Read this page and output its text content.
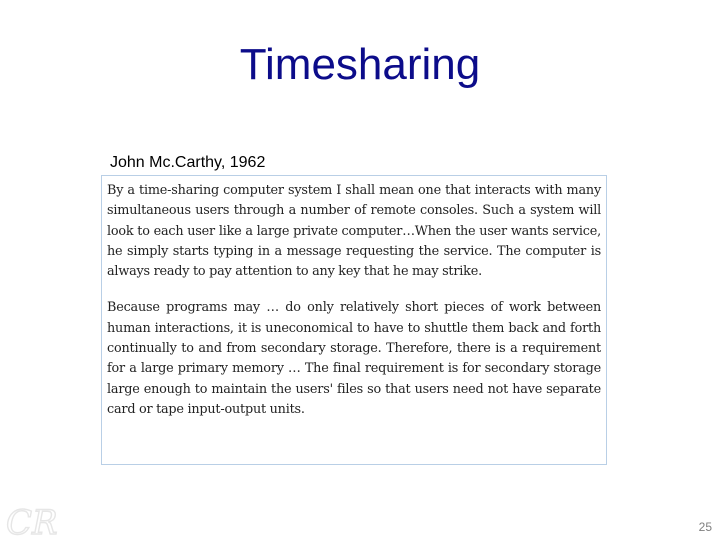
Timesharing
John Mc.Carthy, 1962

By a time-sharing computer system I shall mean one that interacts with many simultaneous users through a number of remote consoles. Such a system will look to each user like a large private computer…When the user wants service, he simply starts typing in a message requesting the service. The computer is always ready to pay attention to any key that he may strike.

Because programs may … do only relatively short pieces of work between human interactions, it is uneconomical to have to shuttle them back and forth continually to and from secondary storage. Therefore, there is a requirement for a large primary memory … The final requirement is for secondary storage large enough to maintain the users' files so that users need not have separate card or tape input-output units.

CR	25
